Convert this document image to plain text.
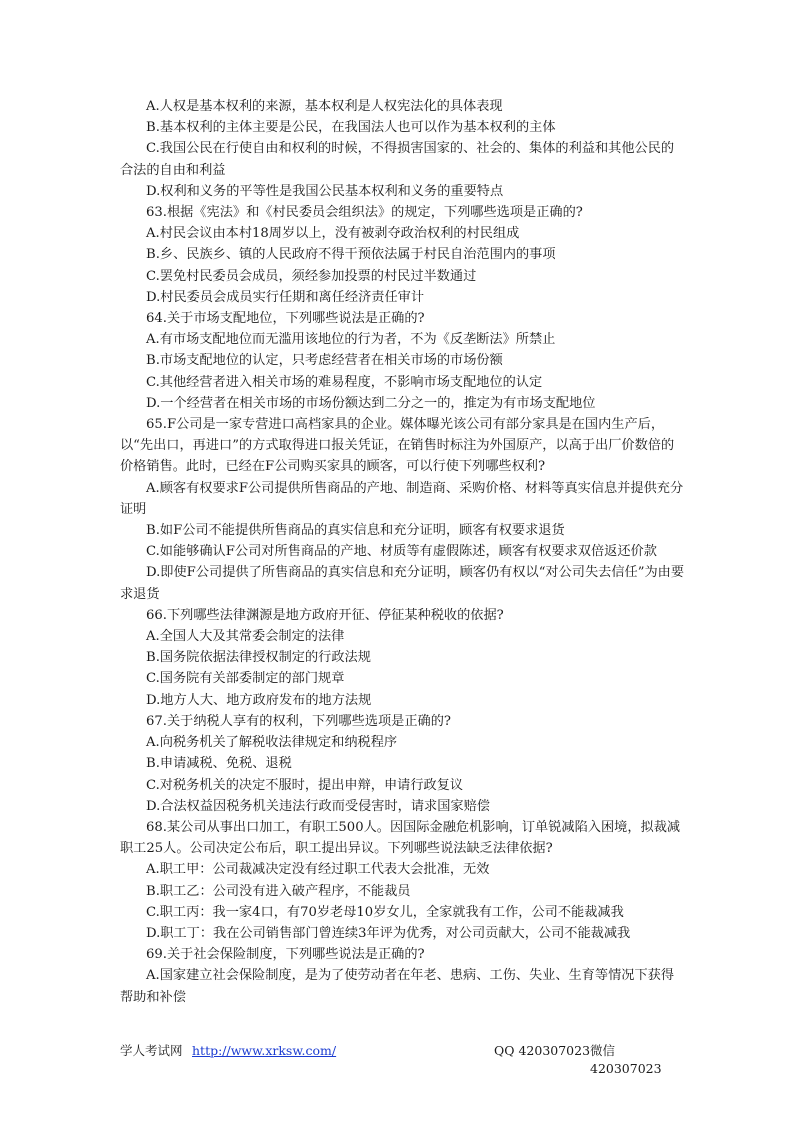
A.人权是基本权利的来源，基本权利是人权宪法化的具体表现

B.基本权利的主体主要是公民，在我国法人也可以作为基本权利的主体

C.我国公民在行使自由和权利的时候，不得损害国家的、社会的、集体的利益和其他公民的合法的自由和利益

D.权利和义务的平等性是我国公民基本权利和义务的重要特点

63.根据《宪法》和《村民委员会组织法》的规定，下列哪些选项是正确的?

A.村民会议由本村18周岁以上，没有被剥夺政治权利的村民组成

B.乡、民族乡、镇的人民政府不得干预依法属于村民自治范围内的事项

C.罢免村民委员会成员，须经参加投票的村民过半数通过

D.村民委员会成员实行任期和离任经济责任审计

64.关于市场支配地位，下列哪些说法是正确的?

A.有市场支配地位而无滥用该地位的行为者，不为《反垄断法》所禁止

B.市场支配地位的认定，只考虑经营者在相关市场的市场份额

C.其他经营者进入相关市场的难易程度，不影响市场支配地位的认定

D.一个经营者在相关市场的市场份额达到二分之一的，推定为有市场支配地位

65.F公司是一家专营进口高档家具的企业。媒体曝光该公司有部分家具是在国内生产后，以“先出口，再进口”的方式取得进口报关凭证，在销售时标注为外国原产，以高于出厂价数倍的价格销售。此时，已经在F公司购买家具的顾客，可以行使下列哪些权利?

A.顾客有权要求F公司提供所售商品的产地、制造商、采购价格、材料等真实信息并提供充分证明

B.如F公司不能提供所售商品的真实信息和充分证明，顾客有权要求退货

C.如能够确认F公司对所售商品的产地、材质等有虚假陈述，顾客有权要求双倍返还价款

D.即使F公司提供了所售商品的真实信息和充分证明，顾客仍有权以“对公司失去信任”为由要求退货

66.下列哪些法律渊源是地方政府开征、停征某种税收的依据?

A.全国人大及其常委会制定的法律

B.国务院依据法律授权制定的行政法规

C.国务院有关部委制定的部门规章

D.地方人大、地方政府发布的地方法规

67.关于纳税人享有的权利，下列哪些选项是正确的?

A.向税务机关了解税收法律规定和纳税程序

B.申请减税、免税、退税

C.对税务机关的决定不服时，提出申辩，申请行政复议

D.合法权益因税务机关违法行政而受侵害时，请求国家赔偿

68.某公司从事出口加工，有职工500人。因国际金融危机影响，订单锐减陷入困境，拟裁减职工25人。公司决定公布后，职工提出异议。下列哪些说法缺乏法律依据?

A.职工甲：公司裁减决定没有经过职工代表大会批准，无效

B.职工乙：公司没有进入破产程序，不能裁员

C.职工丙：我一家4口，有70岁老母10岁女儿，全家就我有工作，公司不能裁减我

D.职工丁：我在公司销售部门曾连续3年评为优秀，对公司贡献大，公司不能裁减我

69.关于社会保险制度，下列哪些说法是正确的?

A.国家建立社会保险制度，是为了使劳动者在年老、患病、工伤、失业、生育等情况下获得帮助和补偿

学人考试网 http://www.xrksw.com/	QQ 420307023 微信 420307023
